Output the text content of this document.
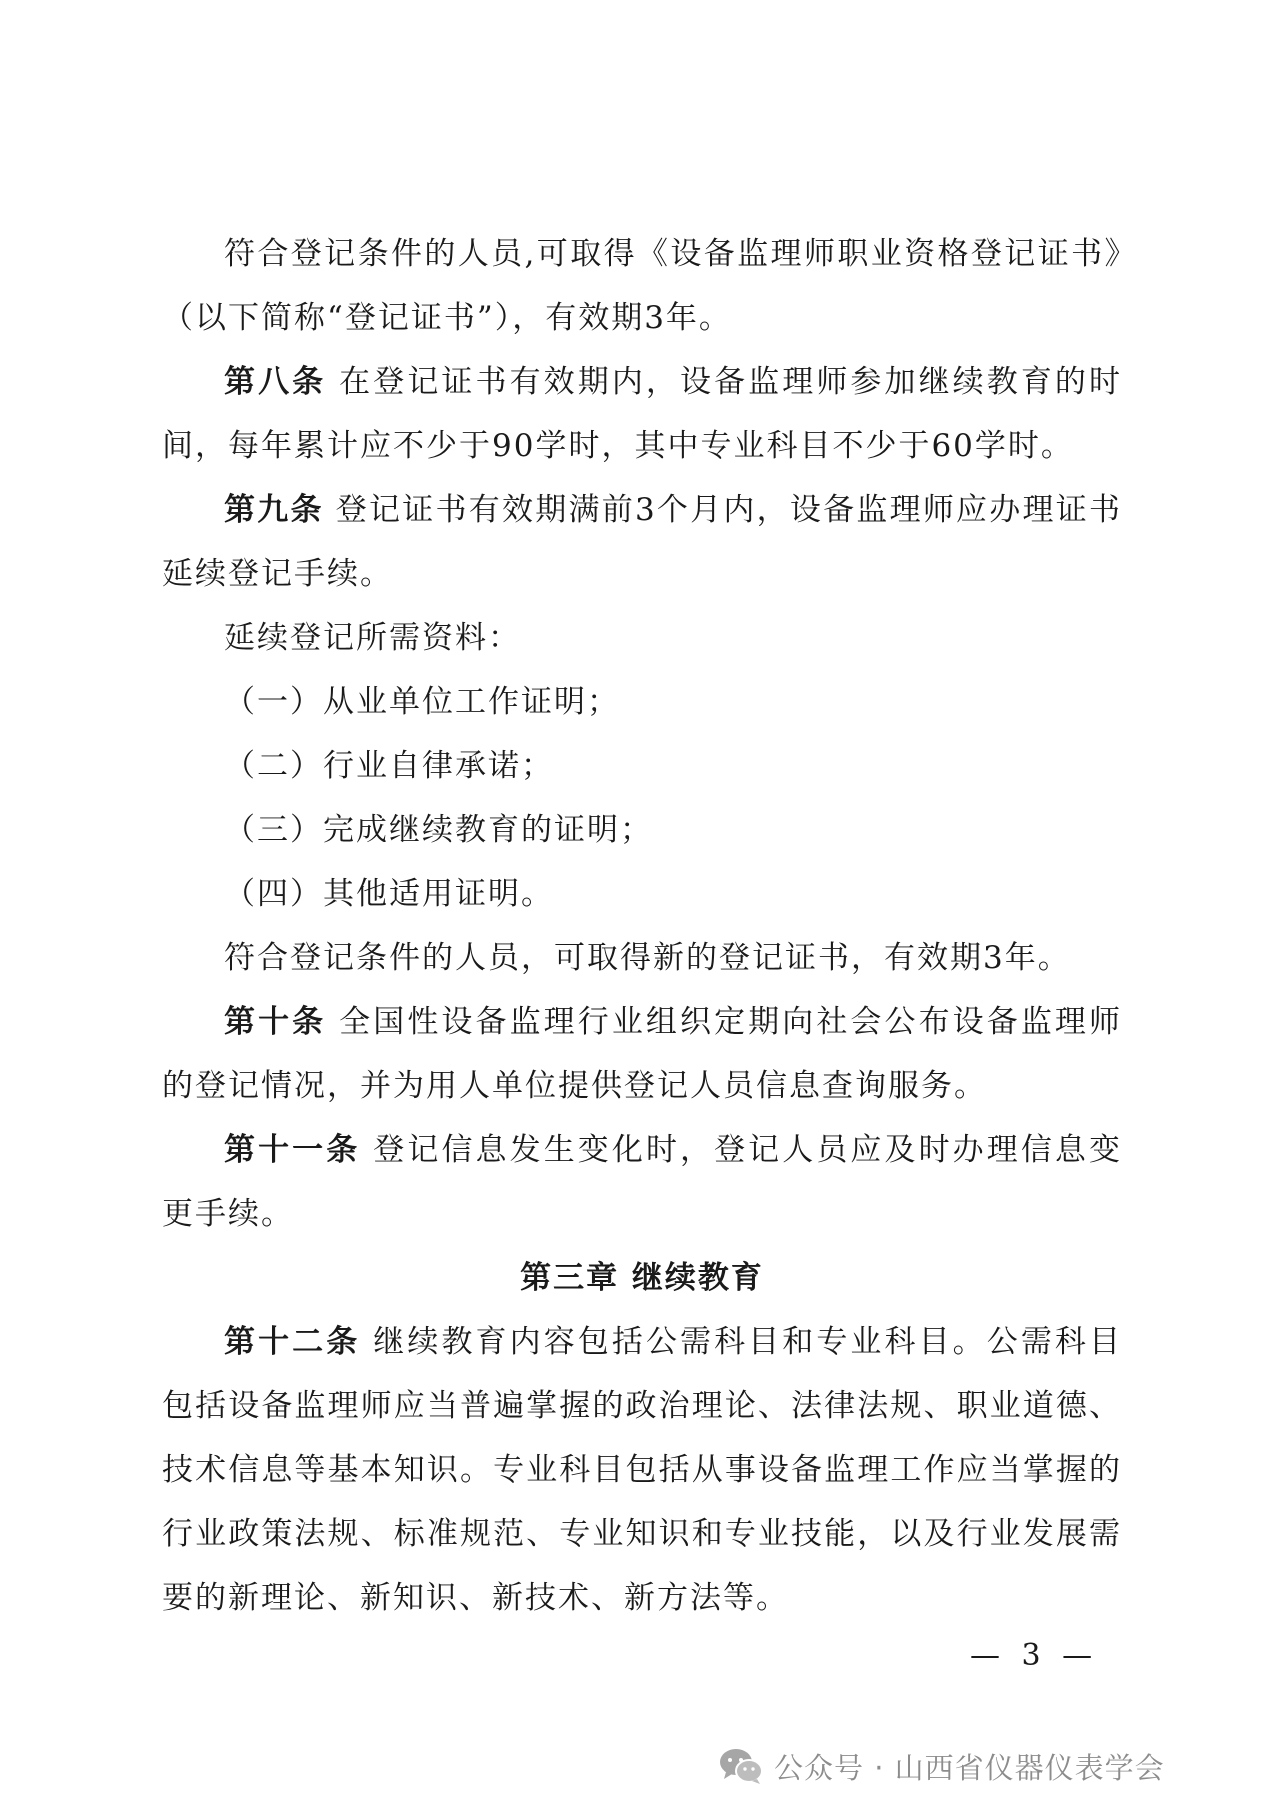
符合登记条件的人员,可取得《设备监理师职业资格登记证书》（以下简称“登记证书”），有效期3年。

第八条 在登记证书有效期内，设备监理师参加继续教育的时间，每年累计应不少于90学时，其中专业科目不少于60学时。

第九条 登记证书有效期满前3个月内，设备监理师应办理证书延续登记手续。

延续登记所需资料：

（一）从业单位工作证明；

（二）行业自律承诺；

（三）完成继续教育的证明；

（四）其他适用证明。

符合登记条件的人员，可取得新的登记证书，有效期3年。

第十条 全国性设备监理行业组织定期向社会公布设备监理师的登记情况，并为用人单位提供登记人员信息查询服务。

第十一条 登记信息发生变化时，登记人员应及时办理信息变更手续。

第三章 继续教育

第十二条 继续教育内容包括公需科目和专业科目。公需科目包括设备监理师应当普遍掌握的政治理论、法律法规、职业道德、技术信息等基本知识。专业科目包括从事设备监理工作应当掌握的行业政策法规、标准规范、专业知识和专业技能，以及行业发展需要的新理论、新知识、新技术、新方法等。

— 3 —
公众号 · 山西省仪器仪表学会
